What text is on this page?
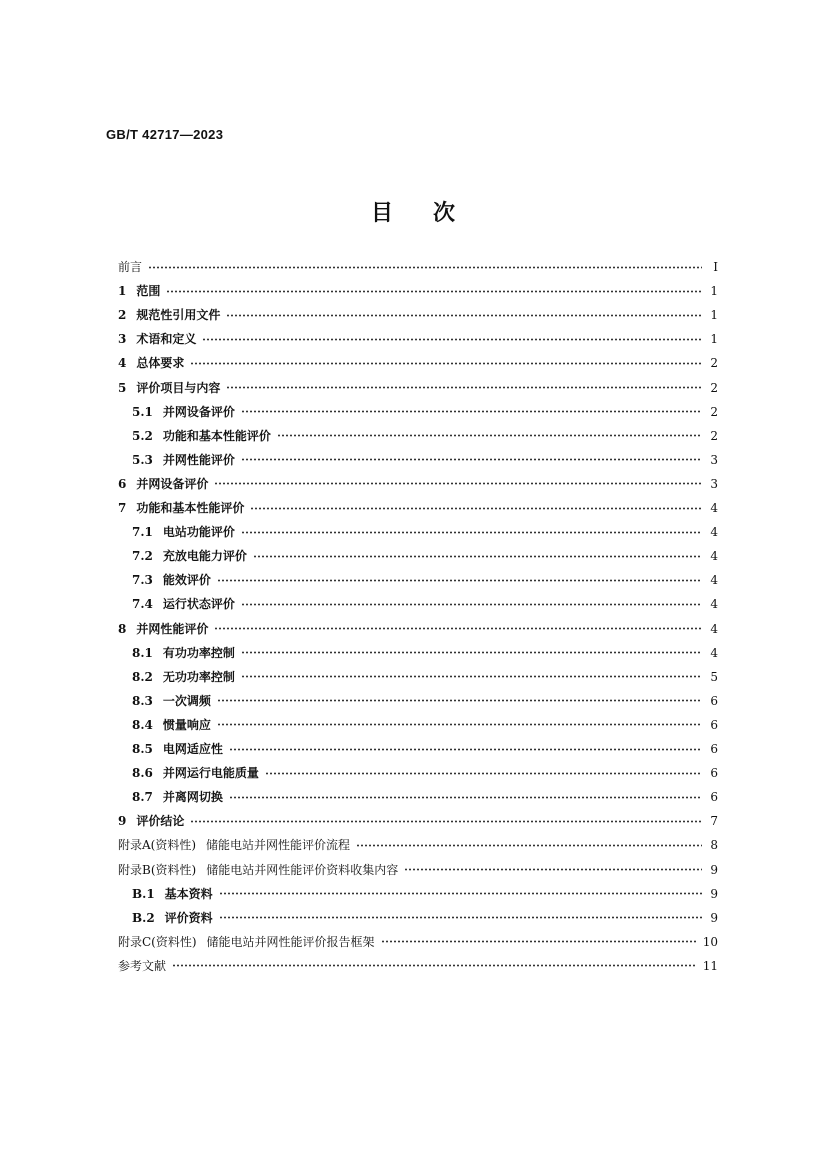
GB/T 42717—2023
目次
前言	Ⅰ
1 范围	1
2 规范性引用文件	1
3 术语和定义	1
4 总体要求	2
5 评价项目与内容	2
5.1 并网设备评价	2
5.2 功能和基本性能评价	2
5.3 并网性能评价	3
6 并网设备评价	3
7 功能和基本性能评价	4
7.1 电站功能评价	4
7.2 充放电能力评价	4
7.3 能效评价	4
7.4 运行状态评价	4
8 并网性能评价	4
8.1 有功功率控制	4
8.2 无功功率控制	5
8.3 一次调频	6
8.4 惯量响应	6
8.5 电网适应性	6
8.6 并网运行电能质量	6
8.7 并离网切换	6
9 评价结论	7
附录A(资料性) 储能电站并网性能评价流程	8
附录B(资料性) 储能电站并网性能评价资料收集内容	9
B.1 基本资料	9
B.2 评价资料	9
附录C(资料性) 储能电站并网性能评价报告框架	10
参考文献	11
